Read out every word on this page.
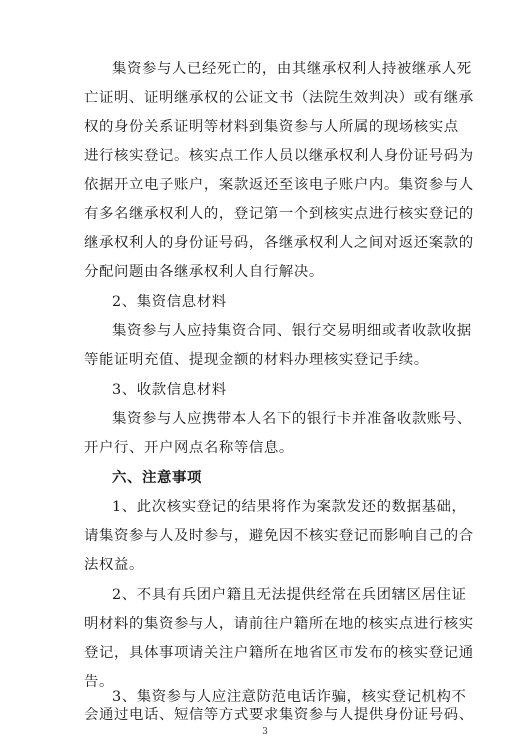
集资参与人已经死亡的，由其继承权利人持被继承人死
亡证明、证明继承权的公证文书（法院生效判决）或有继承
权的身份关系证明等材料到集资参与人所属的现场核实点
进行核实登记。核实点工作人员以继承权利人身份证号码为
依据开立电子账户，案款返还至该电子账户内。集资参与人
有多名继承权利人的，登记第一个到核实点进行核实登记的
继承权利人的身份证号码，各继承权利人之间对返还案款的
分配问题由各继承权利人自行解决。
2、集资信息材料
集资参与人应持集资合同、银行交易明细或者收款收据
等能证明充值、提现金额的材料办理核实登记手续。
3、收款信息材料
集资参与人应携带本人名下的银行卡并准备收款账号、
开户行、开户网点名称等信息。
六、注意事项
1、此次核实登记的结果将作为案款发还的数据基础，
请集资参与人及时参与，避免因不核实登记而影响自己的合
法权益。
2、不具有兵团户籍且无法提供经常在兵团辖区居住证
明材料的集资参与人，请前往户籍所在地的核实点进行核实
登记，具体事项请关注户籍所在地省区市发布的核实登记通
告。
3、集资参与人应注意防范电话诈骗，核实登记机构不
3
会通过电话、短信等方式要求集资参与人提供身份证号码、
